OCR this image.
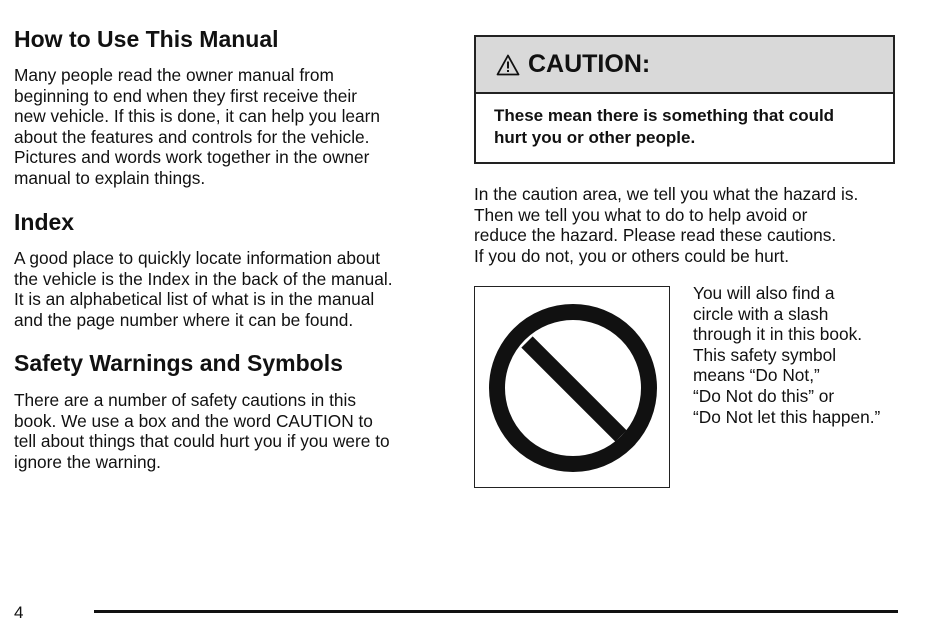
How to Use This Manual

Many people read the owner manual from
beginning to end when they first receive their
new vehicle. If this is done, it can help you learn
about the features and controls for the vehicle.
Pictures and words work together in the owner
manual to explain things.

Index

A good place to quickly locate information about
the vehicle is the Index in the back of the manual.
It is an alphabetical list of what is in the manual
and the page number where it can be found.

Safety Warnings and Symbols

There are a number of safety cautions in this
book. We use a box and the word CAUTION to
tell about things that could hurt you if you were to
ignore the warning.

CAUTION:
These mean there is something that could
hurt you or other people.

In the caution area, we tell you what the hazard is.
Then we tell you what to do to help avoid or
reduce the hazard. Please read these cautions.
If you do not, you or others could be hurt.

You will also find a
circle with a slash
through it in this book.
This safety symbol
means “Do Not,”
“Do Not do this” or
“Do Not let this happen.”

4
